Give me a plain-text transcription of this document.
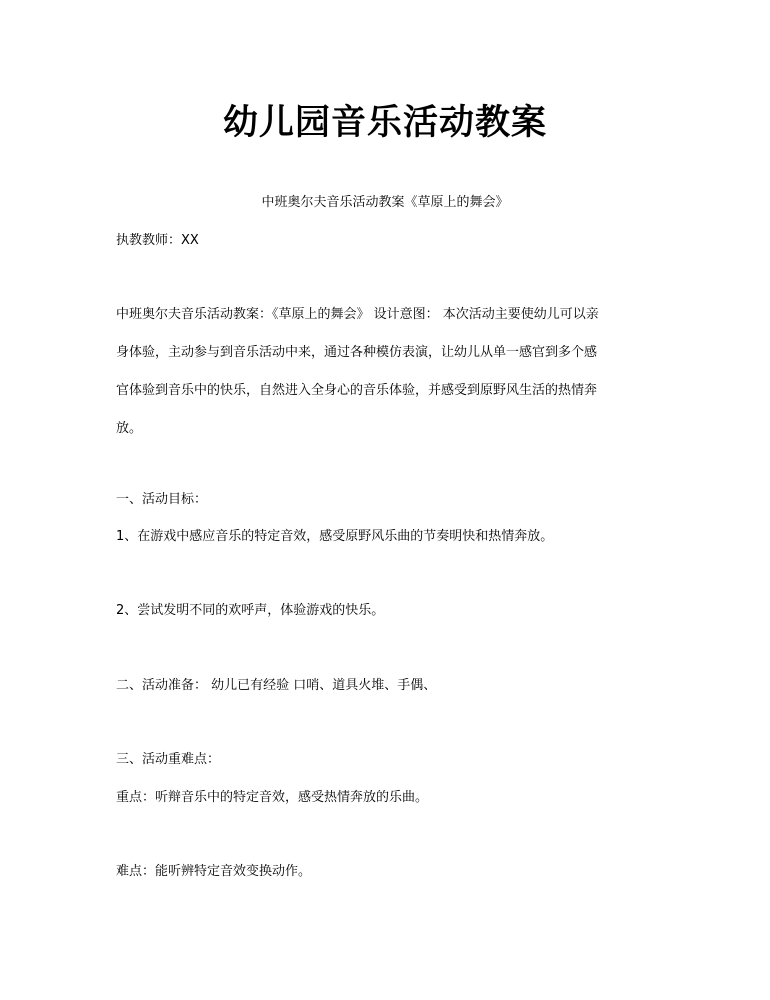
幼儿园音乐活动教案
中班奥尔夫音乐活动教案《草原上的舞会》
执教教师：XX
中班奥尔夫音乐活动教案：《草原上的舞会》 设计意图： 本次活动主要使幼儿可以亲
身体验，主动参与到音乐活动中来，通过各种模仿表演，让幼儿从单一感官到多个感
官体验到音乐中的快乐，自然进入全身心的音乐体验，并感受到原野风生活的热情奔
放。
一、活动目标：
1、在游戏中感应音乐的特定音效，感受原野风乐曲的节奏明快和热情奔放。
2、尝试发明不同的欢呼声，体验游戏的快乐。
二、活动准备： 幼儿已有经验 口哨、道具火堆、手偶、
三、活动重难点：
重点：听辩音乐中的特定音效，感受热情奔放的乐曲。
难点：能听辨特定音效变换动作。
